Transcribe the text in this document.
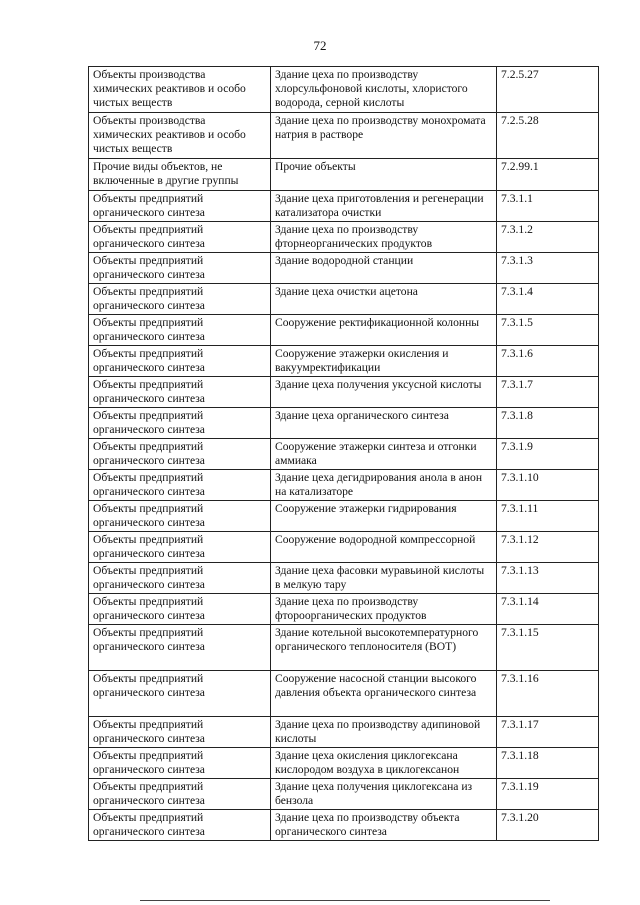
72
Объекты производства химических реактивов и особо чистых веществ	Здание цеха по производству хлорсульфоновой кислоты, хлористого водорода, серной кислоты	7.2.5.27
Объекты производства химических реактивов и особо чистых веществ	Здание цеха по производству монохромата натрия в растворе	7.2.5.28
Прочие виды объектов, не включенные в другие группы	Прочие объекты	7.2.99.1
Объекты предприятий органического синтеза	Здание цеха приготовления и регенерации катализатора очистки	7.3.1.1
Объекты предприятий органического синтеза	Здание цеха по производству фторнеорганических продуктов	7.3.1.2
Объекты предприятий органического синтеза	Здание водородной станции	7.3.1.3
Объекты предприятий органического синтеза	Здание цеха очистки ацетона	7.3.1.4
Объекты предприятий органического синтеза	Сооружение ректификационной колонны	7.3.1.5
Объекты предприятий органического синтеза	Сооружение этажерки окисления и вакуумректификации	7.3.1.6
Объекты предприятий органического синтеза	Здание цеха получения уксусной кислоты	7.3.1.7
Объекты предприятий органического синтеза	Здание цеха органического синтеза	7.3.1.8
Объекты предприятий органического синтеза	Сооружение этажерки синтеза и отгонки аммиака	7.3.1.9
Объекты предприятий органического синтеза	Здание цеха дегидрирования анола в анон на катализаторе	7.3.1.10
Объекты предприятий органического синтеза	Сооружение этажерки гидрирования	7.3.1.11
Объекты предприятий органического синтеза	Сооружение водородной компрессорной	7.3.1.12
Объекты предприятий органического синтеза	Здание цеха фасовки муравьиной кислоты в мелкую тару	7.3.1.13
Объекты предприятий органического синтеза	Здание цеха по производству фтороорганических продуктов	7.3.1.14
Объекты предприятий органического синтеза	Здание котельной высокотемпературного органического теплоносителя (ВОТ)	7.3.1.15
Объекты предприятий органического синтеза	Сооружение насосной станции высокого давления объекта органического синтеза	7.3.1.16
Объекты предприятий органического синтеза	Здание цеха по производству адипиновой кислоты	7.3.1.17
Объекты предприятий органического синтеза	Здание цеха окисления циклогексана кислородом воздуха в циклогексанон	7.3.1.18
Объекты предприятий органического синтеза	Здание цеха получения циклогексана из бензола	7.3.1.19
Объекты предприятий органического синтеза	Здание цеха по производству объекта органического синтеза	7.3.1.20
